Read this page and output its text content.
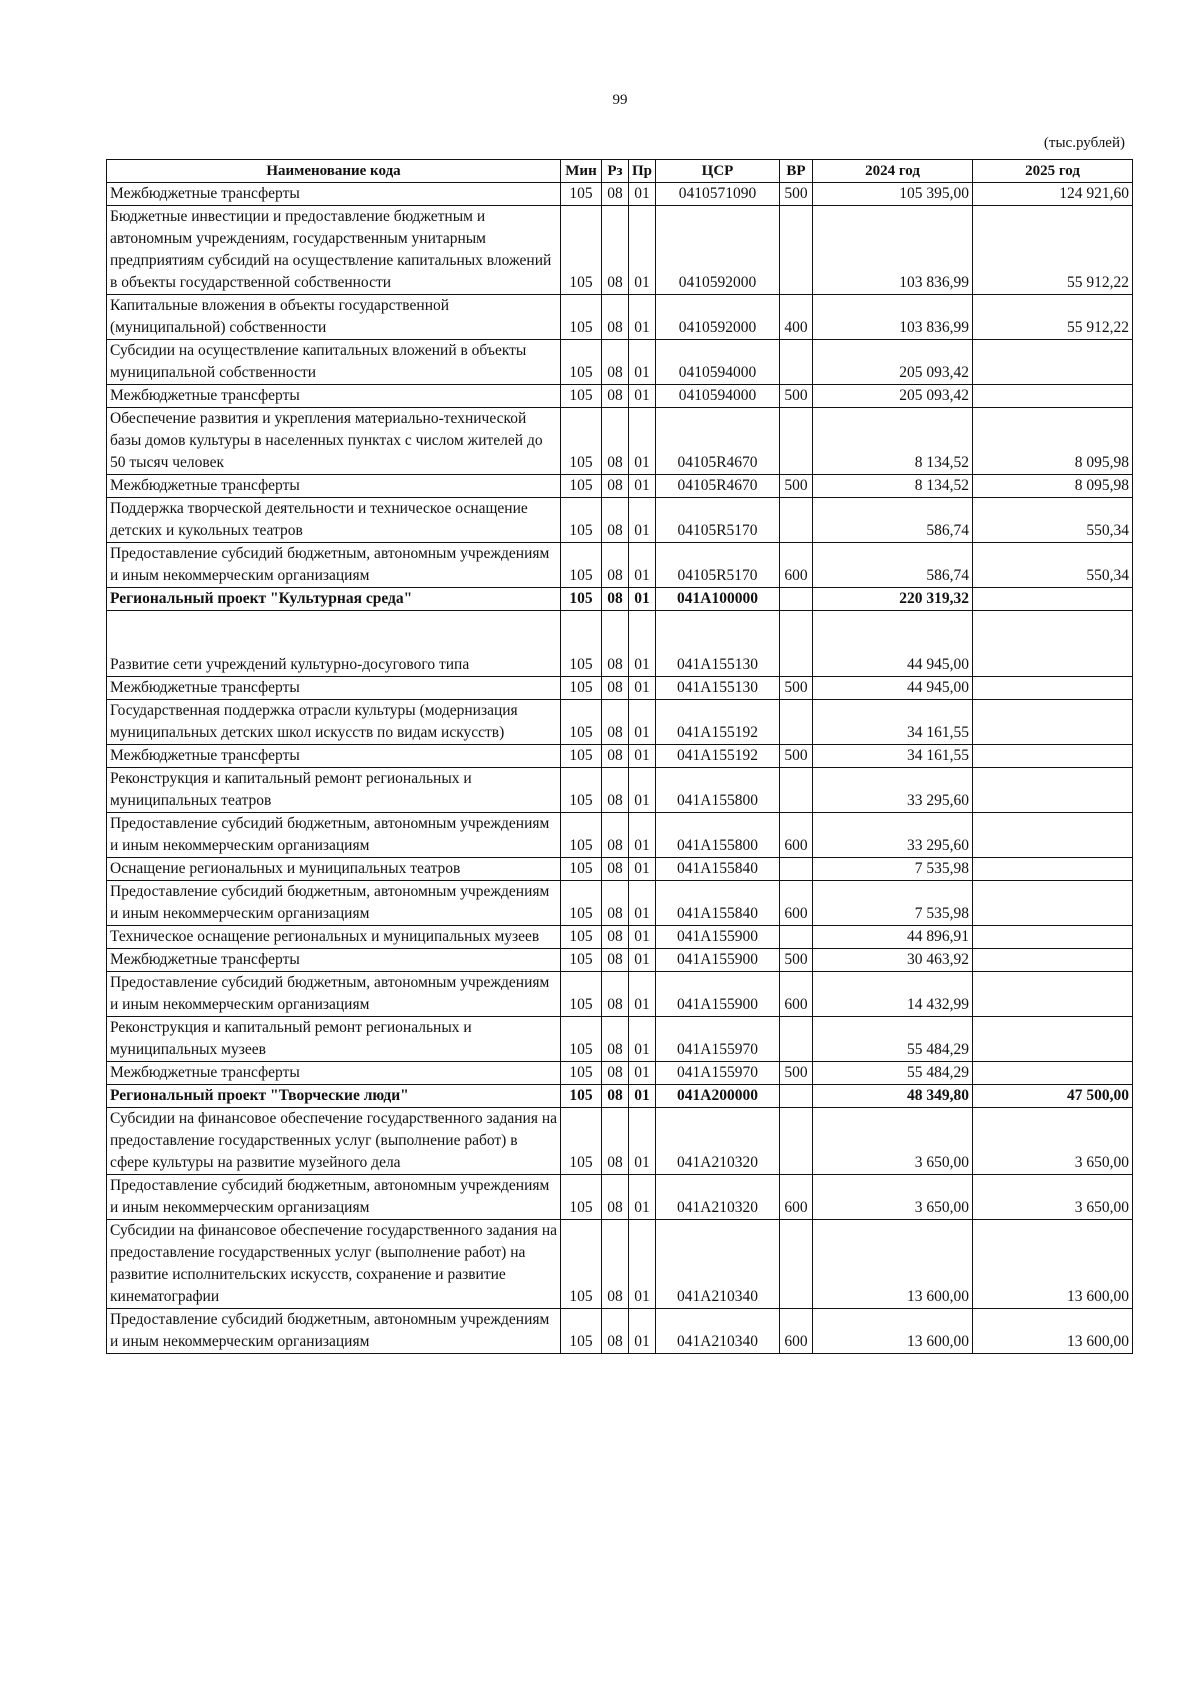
99
(тыс.рублей)
Наименование кода	Мин	Рз	Пр	ЦСР	ВР	2024 год	2025 год
Межбюджетные трансферты	105	08	01	0410571090	500	105 395,00	124 921,60
Бюджетные инвестиции и предоставление бюджетным и автономным учреждениям, государственным унитарным предприятиям субсидий на осуществление капитальных вложений в объекты государственной собственности	105	08	01	0410592000		103 836,99	55 912,22
Капитальные вложения в объекты государственной (муниципальной) собственности	105	08	01	0410592000	400	103 836,99	55 912,22
Субсидии на осуществление капитальных вложений в объекты муниципальной собственности	105	08	01	0410594000		205 093,42	
Межбюджетные трансферты	105	08	01	0410594000	500	205 093,42	
Обеспечение развития и укрепления материально-технической базы домов культуры в населенных пунктах с числом жителей до 50 тысяч человек	105	08	01	04105R4670		8 134,52	8 095,98
Межбюджетные трансферты	105	08	01	04105R4670	500	8 134,52	8 095,98
Поддержка творческой деятельности и техническое оснащение детских и кукольных театров	105	08	01	04105R5170		586,74	550,34
Предоставление субсидий бюджетным, автономным учреждениям и иным некоммерческим организациям	105	08	01	04105R5170	600	586,74	550,34
Региональный проект "Культурная среда"	105	08	01	041A100000		220 319,32	
Развитие сети учреждений культурно-досугового типа	105	08	01	041A155130		44 945,00	
Межбюджетные трансферты	105	08	01	041A155130	500	44 945,00	
Государственная поддержка отрасли культуры (модернизация муниципальных детских школ искусств по видам искусств)	105	08	01	041A155192		34 161,55	
Межбюджетные трансферты	105	08	01	041A155192	500	34 161,55	
Реконструкция и капитальный ремонт региональных и муниципальных театров	105	08	01	041A155800		33 295,60	
Предоставление субсидий бюджетным, автономным учреждениям и иным некоммерческим организациям	105	08	01	041A155800	600	33 295,60	
Оснащение региональных и муниципальных театров	105	08	01	041A155840		7 535,98	
Предоставление субсидий бюджетным, автономным учреждениям и иным некоммерческим организациям	105	08	01	041A155840	600	7 535,98	
Техническое оснащение региональных и муниципальных музеев	105	08	01	041A155900		44 896,91	
Межбюджетные трансферты	105	08	01	041A155900	500	30 463,92	
Предоставление субсидий бюджетным, автономным учреждениям и иным некоммерческим организациям	105	08	01	041A155900	600	14 432,99	
Реконструкция и капитальный ремонт региональных и муниципальных музеев	105	08	01	041A155970		55 484,29	
Межбюджетные трансферты	105	08	01	041A155970	500	55 484,29	
Региональный проект "Творческие люди"	105	08	01	041A200000		48 349,80	47 500,00
Субсидии на финансовое обеспечение государственного задания на предоставление государственных услуг (выполнение работ) в сфере культуры на развитие музейного дела	105	08	01	041A210320		3 650,00	3 650,00
Предоставление субсидий бюджетным, автономным учреждениям и иным некоммерческим организациям	105	08	01	041A210320	600	3 650,00	3 650,00
Субсидии на финансовое обеспечение государственного задания на предоставление государственных услуг (выполнение работ) на развитие исполнительских искусств, сохранение и развитие кинематографии	105	08	01	041A210340		13 600,00	13 600,00
Предоставление субсидий бюджетным, автономным учреждениям и иным некоммерческим организациям	105	08	01	041A210340	600	13 600,00	13 600,00
